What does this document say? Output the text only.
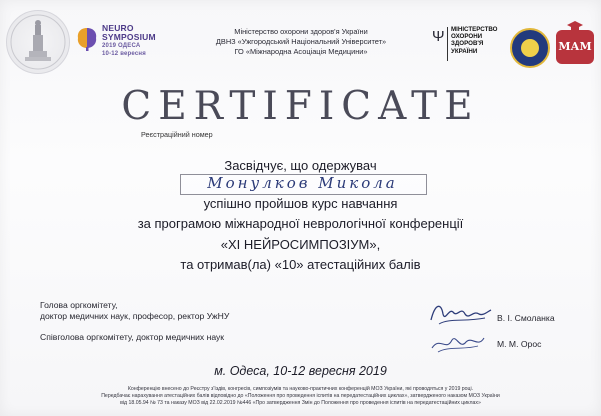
NEURO
SYMPOSIUM
2019 ОДЕСА
10-12 вересня
Міністерство охорони здоров'я України
ДВНЗ «Ужгородський Національний Університет»
ГО «Міжнародна Асоціація Медицини»
Ψ МІНІСТЕРСТВО
ОХОРОНИ
ЗДОРОВ'Я
УКРАЇНИ	МАМ
CERTIFICATE
Реєстраційний номер
Засвідчує, що одержувач
Монулков Микола
успішно пройшов курс навчання
за програмою міжнародної неврологічної конференції
«XI НЕЙРОСИМПОЗІУМ»,
та отримав(ла) «10» атестаційних балів
Голова оргкомітету,
доктор медичних наук, професор, ректор УжНУ
Співголова оргкомітету, доктор медичних наук
В. І. Смоланка
М. М. Орос
м. Одеса, 10-12 вересня 2019
Конференцію внесено до Реєстру з'їздів, конгресів, симпозіумів та науково-практичних конференцій МОЗ України, які проводяться у 2019 році.
Передбачає нарахування атестаційних балів відповідно до «Положення про проведення іспитів на передатестаційних циклах», затвердженого наказом МОЗ України
від 18.05.94 № 73 та наказу МОЗ від 22.02.2019 №446 «Про затвердження Змін до Положення про проведення іспитів на передатестаційних циклах»
